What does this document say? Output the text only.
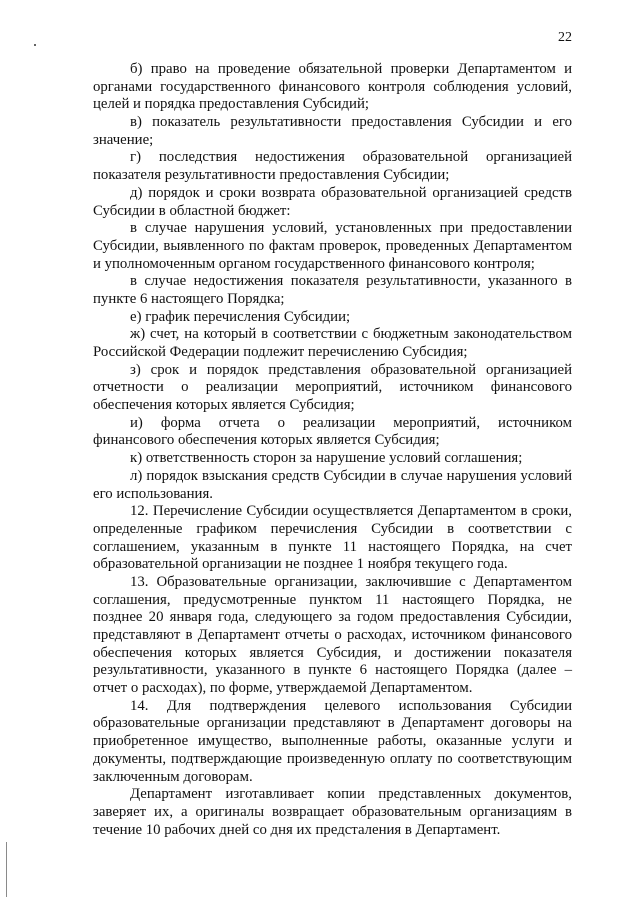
22
б) право на проведение обязательной проверки Департаментом и
органами государственного финансового контроля соблюдения условий,
целей и порядка предоставления Субсидий;
в) показатель результативности предоставления Субсидии и его
значение;
г) последствия недостижения образовательной организацией
показателя результативности предоставления Субсидии;
д) порядок и сроки возврата образовательной организацией средств
Субсидии в областной бюджет:
в случае нарушения условий, установленных при предоставлении
Субсидии, выявленного по фактам проверок, проведенных Департаментом
и уполномоченным органом государственного финансового контроля;
в случае недостижения показателя результативности, указанного в
пункте 6 настоящего Порядка;
е) график перечисления Субсидии;
ж) счет, на который в соответствии с бюджетным законодательством
Российской Федерации подлежит перечислению Субсидия;
з) срок и порядок представления образовательной организацией
отчетности о реализации мероприятий, источником финансового
обеспечения которых является Субсидия;
и) форма отчета о реализации мероприятий, источником
финансового обеспечения которых является Субсидия;
к) ответственность сторон за нарушение условий соглашения;
л) порядок взыскания средств Субсидии в случае нарушения условий
его использования.
12. Перечисление Субсидии осуществляется Департаментом в сроки,
определенные графиком перечисления Субсидии в соответствии с
соглашением, указанным в пункте 11 настоящего Порядка, на счет
образовательной организации не позднее 1 ноября текущего года.
13. Образовательные организации, заключившие с Департаментом
соглашения, предусмотренные пунктом 11 настоящего Порядка, не
позднее 20 января года, следующего за годом предоставления Субсидии,
представляют в Департамент отчеты о расходах, источником финансового
обеспечения которых является Субсидия, и достижении показателя
результативности, указанного в пункте 6 настоящего Порядка (далее –
отчет о расходах), по форме, утверждаемой Департаментом.
14. Для подтверждения целевого использования Субсидии
образовательные организации представляют в Департамент договоры на
приобретенное имущество, выполненные работы, оказанные услуги и
документы, подтверждающие произведенную оплату по соответствующим
заключенным договорам.
Департамент изготавливает копии представленных документов,
заверяет их, а оригиналы возвращает образовательным организациям в
течение 10 рабочих дней со дня их предсталения в Департамент.
